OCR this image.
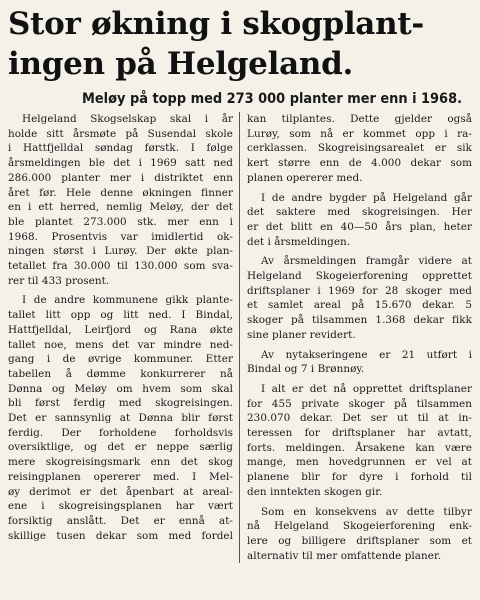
Stor økning i skogplant-
ingen på Helgeland.
Meløy på topp med 273 000 planter mer enn i 1968.

Helgeland Skogselskap skal i år

holde sitt årsmøte på Susendal skole

i Hattfjelldal søndag førstk. I følge

årsmeldingen ble det i 1969 satt ned

286.000 planter mer i distriktet enn

året før. Hele denne økningen finner

en i ett herred, nemlig Meløy, der det

ble plantet 273.000 stk. mer enn i

1968. Prosentvis var imidlertid ok-

ningen størst i Lurøy. Der økte plan-

tetallet fra 30.000 til 130.000 som sva-

rer til 433 prosent.

I de andre kommunene gikk plante-

tallet litt opp og litt ned. I Bindal,

Hattfjelldal, Leirfjord og Rana økte

tallet noe, mens det var mindre ned-

gang i de øvrige kommuner. Etter

tabellen å dømme konkurrerer nå

Dønna og Meløy om hvem som skal

bli først ferdig med skogreisingen.

Det er sannsynlig at Dønna blir først

ferdig. Der forholdene forholdsvis

oversiktlige, og det er neppe særlig

mere skogreisingsmark enn det skog

reisingplanen opererer med. I Mel-

øy derimot er det åpenbart at areal-

ene i skogreisingsplanen har vært

forsiktig anslått. Det er ennå at-

skillige tusen dekar som med fordel

kan tilplantes. Dette gjelder også

Lurøy, som nå er kommet opp i ra-

cerklassen. Skogreisingsarealet er sik

kert større enn de 4.000 dekar som

planen opererer med.

I de andre bygder på Helgeland går

det saktere med skogreisingen. Her

er det blitt en 40—50 års plan, heter

det i årsmeldingen.

Av årsmeldingen framgår videre at

Helgeland Skogeierforening opprettet

driftsplaner i 1969 for 28 skoger med

et samlet areal på 15.670 dekar. 5

skoger på tilsammen 1.368 dekar fikk

sine planer revidert.

Av nytakseringene er 21 utført i

Bindal og 7 i Brønnøy.

I alt er det nå opprettet driftsplaner

for 455 private skoger på tilsammen

230.070 dekar. Det ser ut til at in-

teressen for driftsplaner har avtatt,

forts. meldingen. Årsakene kan være

mange, men hovedgrunnen er vel at

planene blir for dyre i forhold til

den inntekten skogen gir.

Som en konsekvens av dette tilbyr

nå Helgeland Skogeierforening enk-

lere og billigere driftsplaner som et

alternativ til mer omfattende planer.
